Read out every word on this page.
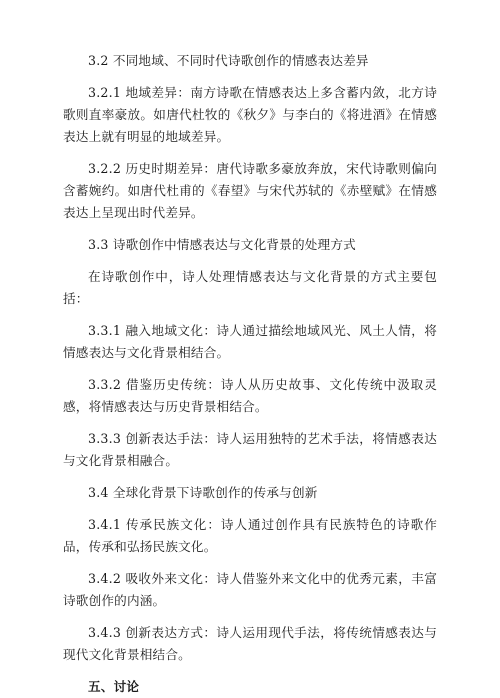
3.2 不同地域、不同时代诗歌创作的情感表达差异

3.2.1 地域差异：南方诗歌在情感表达上多含蓄内敛，北方诗歌则直率豪放。如唐代杜牧的《秋夕》与李白的《将进酒》在情感表达上就有明显的地域差异。

3.2.2 历史时期差异：唐代诗歌多豪放奔放，宋代诗歌则偏向含蓄婉约。如唐代杜甫的《春望》与宋代苏轼的《赤壁赋》在情感表达上呈现出时代差异。

3.3 诗歌创作中情感表达与文化背景的处理方式

在诗歌创作中，诗人处理情感表达与文化背景的方式主要包括：

3.3.1 融入地域文化：诗人通过描绘地域风光、风土人情，将情感表达与文化背景相结合。

3.3.2 借鉴历史传统：诗人从历史故事、文化传统中汲取灵感，将情感表达与历史背景相结合。

3.3.3 创新表达手法：诗人运用独特的艺术手法，将情感表达与文化背景相融合。

3.4 全球化背景下诗歌创作的传承与创新

3.4.1 传承民族文化：诗人通过创作具有民族特色的诗歌作品，传承和弘扬民族文化。

3.4.2 吸收外来文化：诗人借鉴外来文化中的优秀元素，丰富诗歌创作的内涵。

3.4.3 创新表达方式：诗人运用现代手法，将传统情感表达与现代文化背景相结合。

五、讨论
